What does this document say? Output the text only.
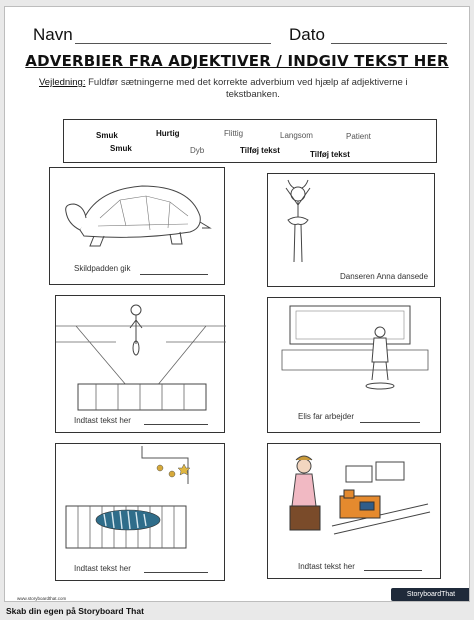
Navn	Dato
ADVERBIER FRA ADJEKTIVER / INDGIV TEKST HER
Vejledning: Fuldfør sætningerne med det korrekte adverbium ved hjælp af adjektiverne i
tekstbanken.
Smuk	Hurtig	Flittig	Langsom	Patient
Smuk	Dyb	Tilføj tekst	Tilføj tekst
Skildpadden gik
Danseren Anna dansede
Indtast tekst her	Elis far arbejder
Indtast tekst her	Indtast tekst her
www.storyboardthat.com
StoryboardThat
Skab din egen på Storyboard That
